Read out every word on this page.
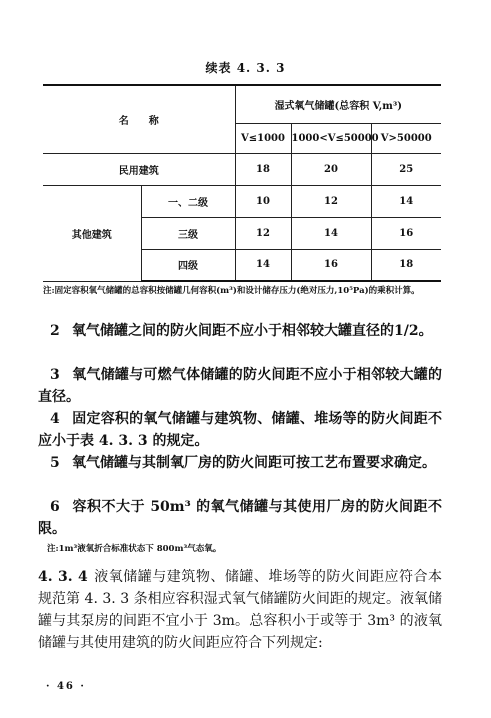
续表 4. 3. 3
名　　称		湿式氧气储罐(总容积 V,m³)		
		V≤1000	1000<V≤50000	V>50000
民用建筑		18	20	25
其他建筑	一、二级	10	12	14
	三级	12	14	16
	四级	14	16	18
注:固定容积氧气储罐的总容积按储罐几何容积(m³)和设计储存压力(绝对压力,10⁵Pa)的乘积计算。
2 氧气储罐之间的防火间距不应小于相邻较大罐直径的1/2。
3 氧气储罐与可燃气体储罐的防火间距不应小于相邻较大罐的直径。
4 固定容积的氧气储罐与建筑物、储罐、堆场等的防火间距不应小于表 4. 3. 3 的规定。
5 氧气储罐与其制氧厂房的防火间距可按工艺布置要求确定。
6 容积不大于 50m³ 的氧气储罐与其使用厂房的防火间距不限。
注:1m³液氧折合标准状态下 800m³气态氧。
4. 3. 4 液氧储罐与建筑物、储罐、堆场等的防火间距应符合本规范第 4. 3. 3 条相应容积湿式氧气储罐防火间距的规定。液氧储罐与其泵房的间距不宜小于 3m。总容积小于或等于 3m³ 的液氧储罐与其使用建筑的防火间距应符合下列规定:
· 46 ·
